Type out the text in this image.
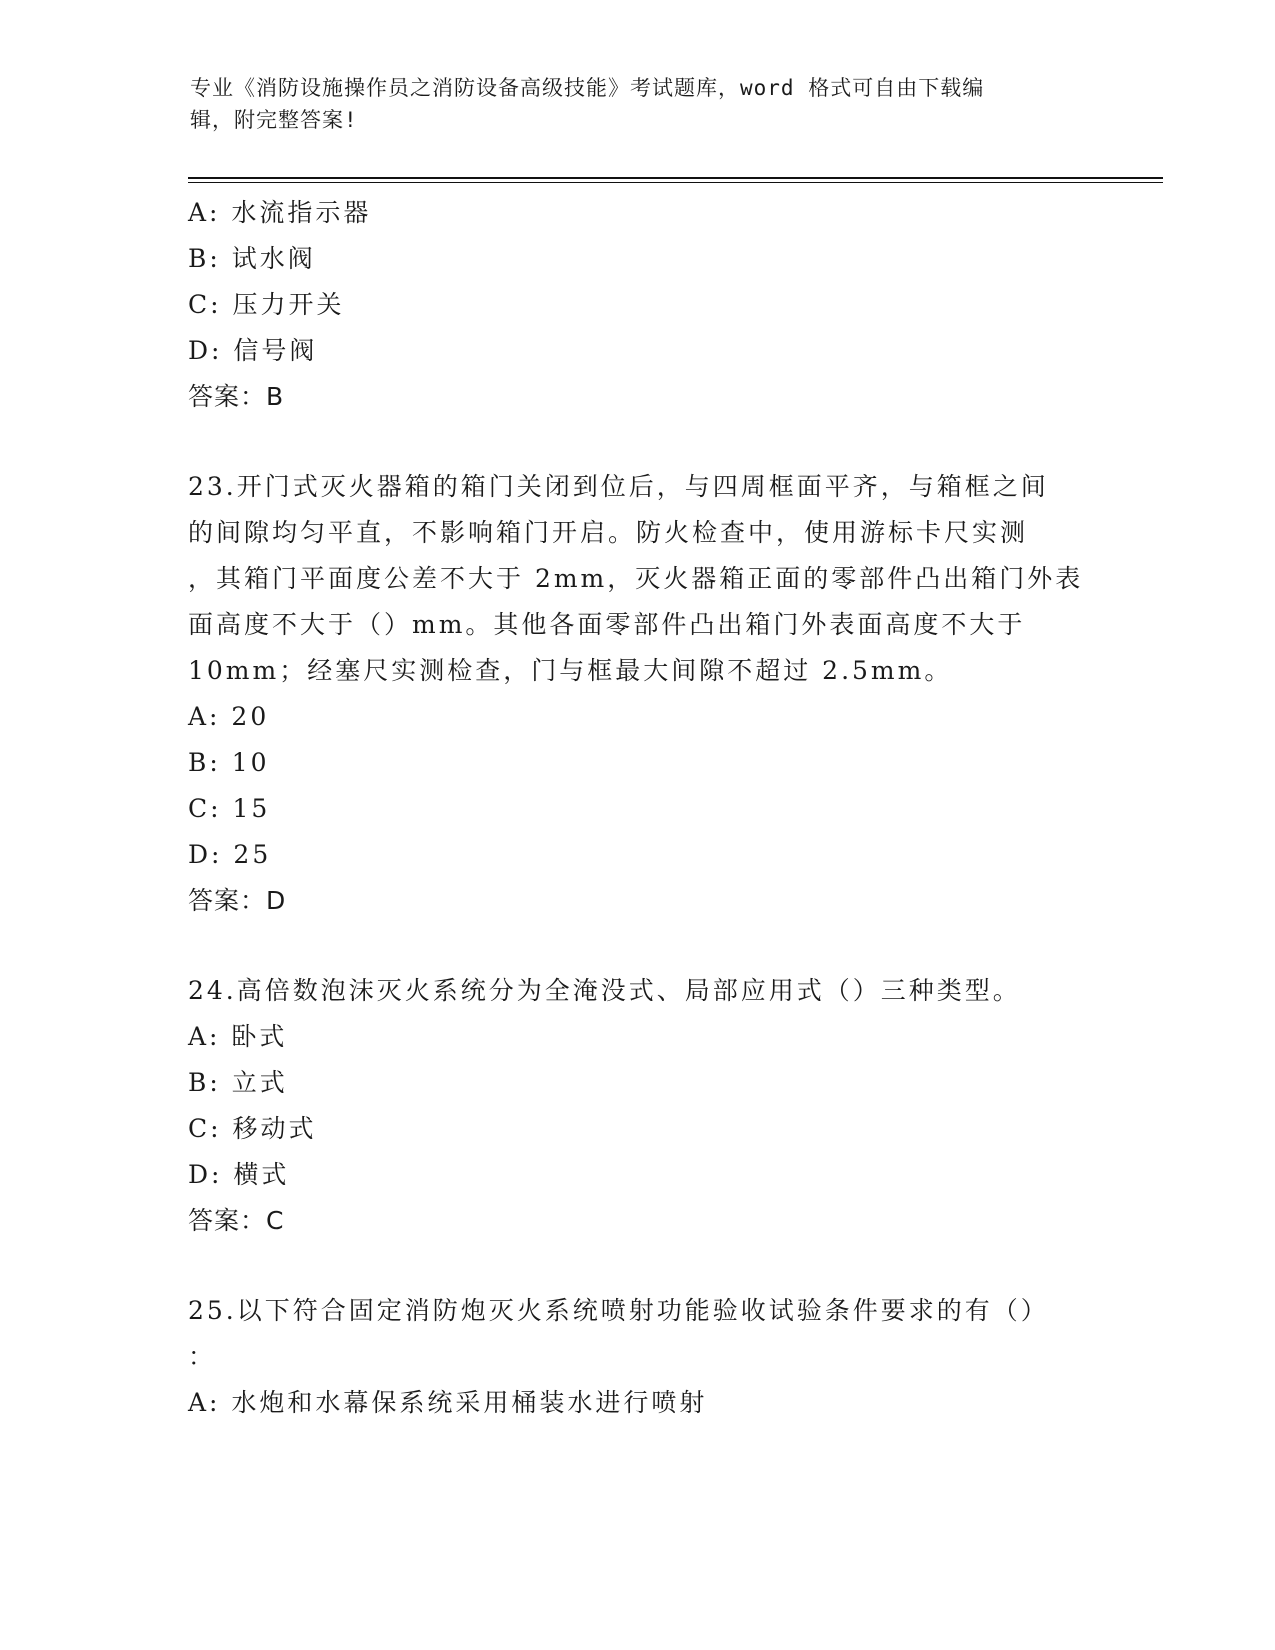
专业《消防设施操作员之消防设备高级技能》考试题库，word 格式可自由下载编
辑，附完整答案!
A: 水流指示器
B: 试水阀
C: 压力开关
D: 信号阀
答案：B
23.开门式灭火器箱的箱门关闭到位后，与四周框面平齐，与箱框之间
的间隙均匀平直，不影响箱门开启。防火检查中，使用游标卡尺实测
，其箱门平面度公差不大于 2mm，灭火器箱正面的零部件凸出箱门外表
面高度不大于（）mm。其他各面零部件凸出箱门外表面高度不大于
10mm；经塞尺实测检查，门与框最大间隙不超过 2.5mm。
A: 20
B: 10
C: 15
D: 25
答案：D
24.高倍数泡沫灭火系统分为全淹没式、局部应用式（）三种类型。
A: 卧式
B: 立式
C: 移动式
D: 横式
答案：C
25.以下符合固定消防炮灭火系统喷射功能验收试验条件要求的有（）
：
A: 水炮和水幕保系统采用桶装水进行喷射
